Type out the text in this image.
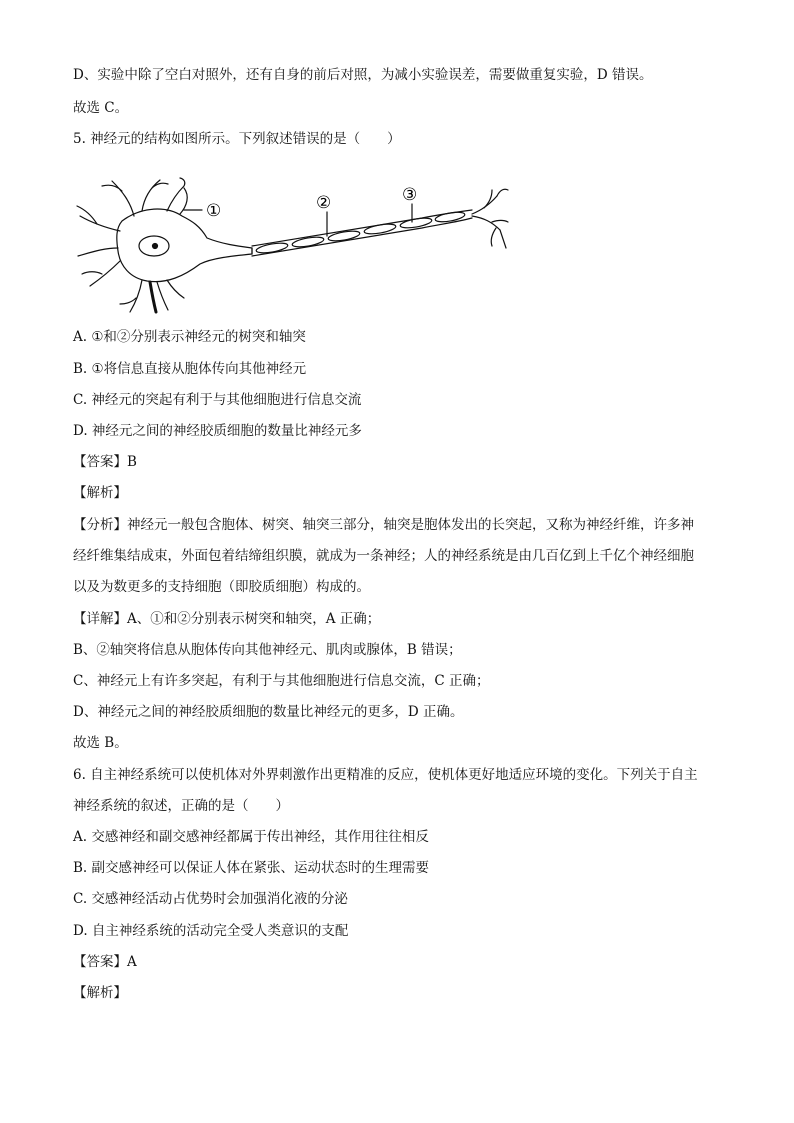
D、实验中除了空白对照外，还有自身的前后对照，为减小实验误差，需要做重复实验，D 错误。
故选 C。
5. 神经元的结构如图所示。下列叙述错误的是（　　）
①	②	③
A. ①和②分别表示神经元的树突和轴突
B. ①将信息直接从胞体传向其他神经元
C. 神经元的突起有利于与其他细胞进行信息交流
D. 神经元之间的神经胶质细胞的数量比神经元多
【答案】B
【解析】
【分析】神经元一般包含胞体、树突、轴突三部分，轴突是胞体发出的长突起，又称为神经纤维，许多神
经纤维集结成束，外面包着结缔组织膜，就成为一条神经；人的神经系统是由几百亿到上千亿个神经细胞
以及为数更多的支持细胞（即胶质细胞）构成的。
【详解】A、①和②分别表示树突和轴突，A 正确；
B、②轴突将信息从胞体传向其他神经元、肌肉或腺体，B 错误；
C、神经元上有许多突起，有利于与其他细胞进行信息交流，C 正确；
D、神经元之间的神经胶质细胞的数量比神经元的更多，D 正确。
故选 B。
6. 自主神经系统可以使机体对外界刺激作出更精准的反应，使机体更好地适应环境的变化。下列关于自主
神经系统的叙述，正确的是（　　）
A. 交感神经和副交感神经都属于传出神经，其作用往往相反
B. 副交感神经可以保证人体在紧张、运动状态时的生理需要
C. 交感神经活动占优势时会加强消化液的分泌
D. 自主神经系统的活动完全受人类意识的支配
【答案】A
【解析】
